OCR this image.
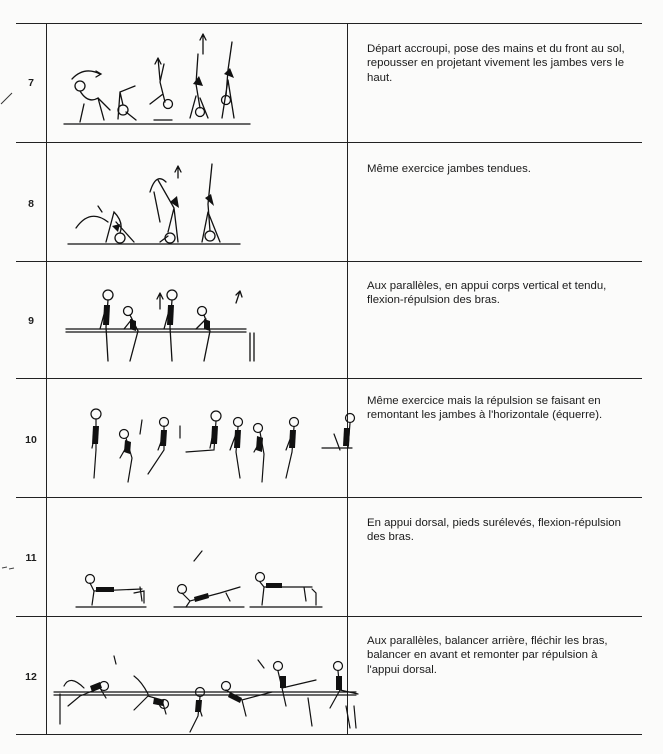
7
Départ accroupi, pose des mains et du front au sol, repousser en projetant vivement les jambes vers le haut.
8
Même exercice jambes tendues.
9
Aux parallèles, en appui corps vertical et tendu, flexion-répulsion des bras.
10
Même exercice mais la répulsion se faisant en remontant les jambes à l'horizontale (équerre).
11
En appui dorsal, pieds surélevés, flexion-répulsion des bras.
12
Aux parallèles, balancer arrière, fléchir les bras, balancer en avant et remonter par répulsion à l'appui dorsal.
